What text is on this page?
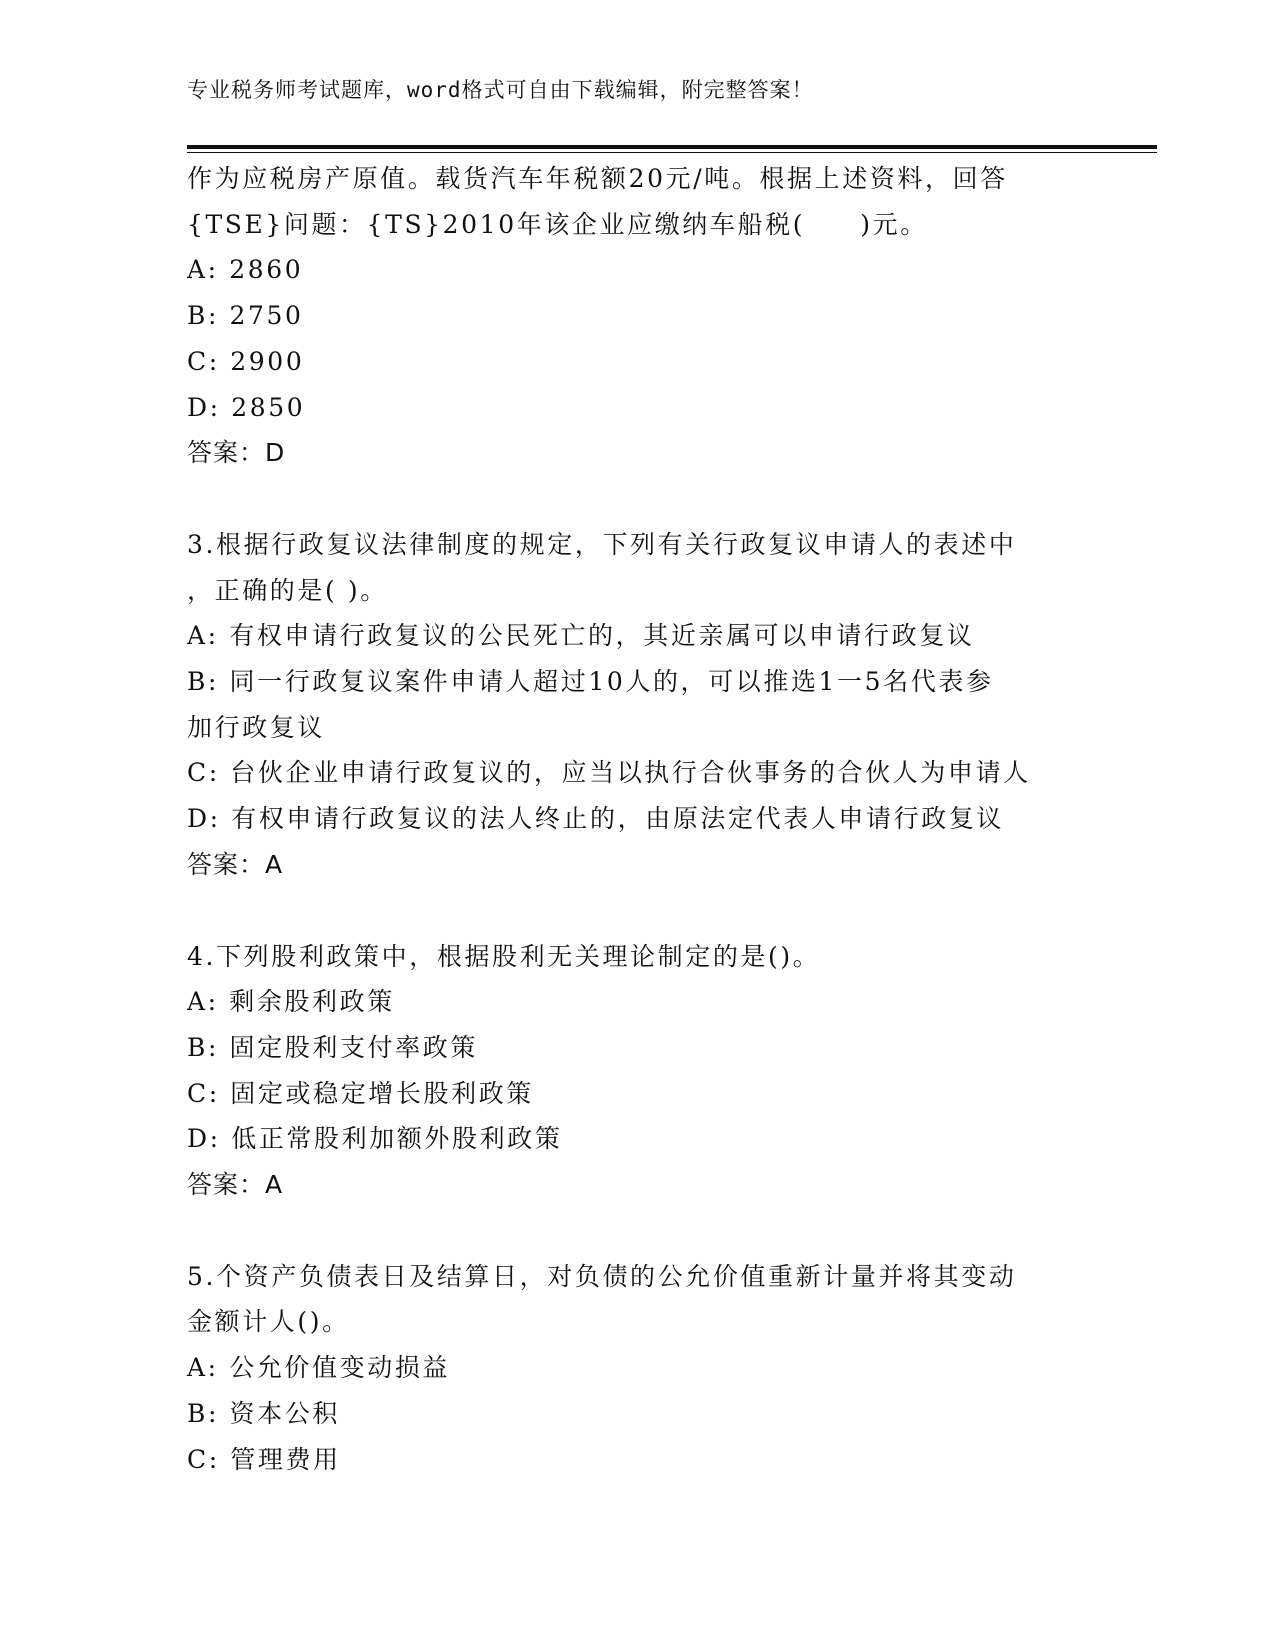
专业税务师考试题库，word格式可自由下载编辑，附完整答案！
作为应税房产原值。载货汽车年税额20元/吨。根据上述资料，回答
{TSE}问题：{TS}2010年该企业应缴纳车船税(　　)元。
A: 2860
B: 2750
C: 2900
D: 2850
答案：D
3.根据行政复议法律制度的规定，下列有关行政复议申请人的表述中
，正确的是( )。
A: 有权申请行政复议的公民死亡的，其近亲属可以申请行政复议
B: 同一行政复议案件申请人超过10人的，可以推选1一5名代表参
加行政复议
C: 台伙企业申请行政复议的，应当以执行合伙事务的合伙人为申请人
D: 有权申请行政复议的法人终止的，由原法定代表人申请行政复议
答案：A
4.下列股利政策中，根据股利无关理论制定的是()。
A: 剩余股利政策
B: 固定股利支付率政策
C: 固定或稳定增长股利政策
D: 低正常股利加额外股利政策
答案：A
5.个资产负债表日及结算日，对负债的公允价值重新计量并将其变动
金额计人()。
A: 公允价值变动损益
B: 资本公积
C: 管理费用
